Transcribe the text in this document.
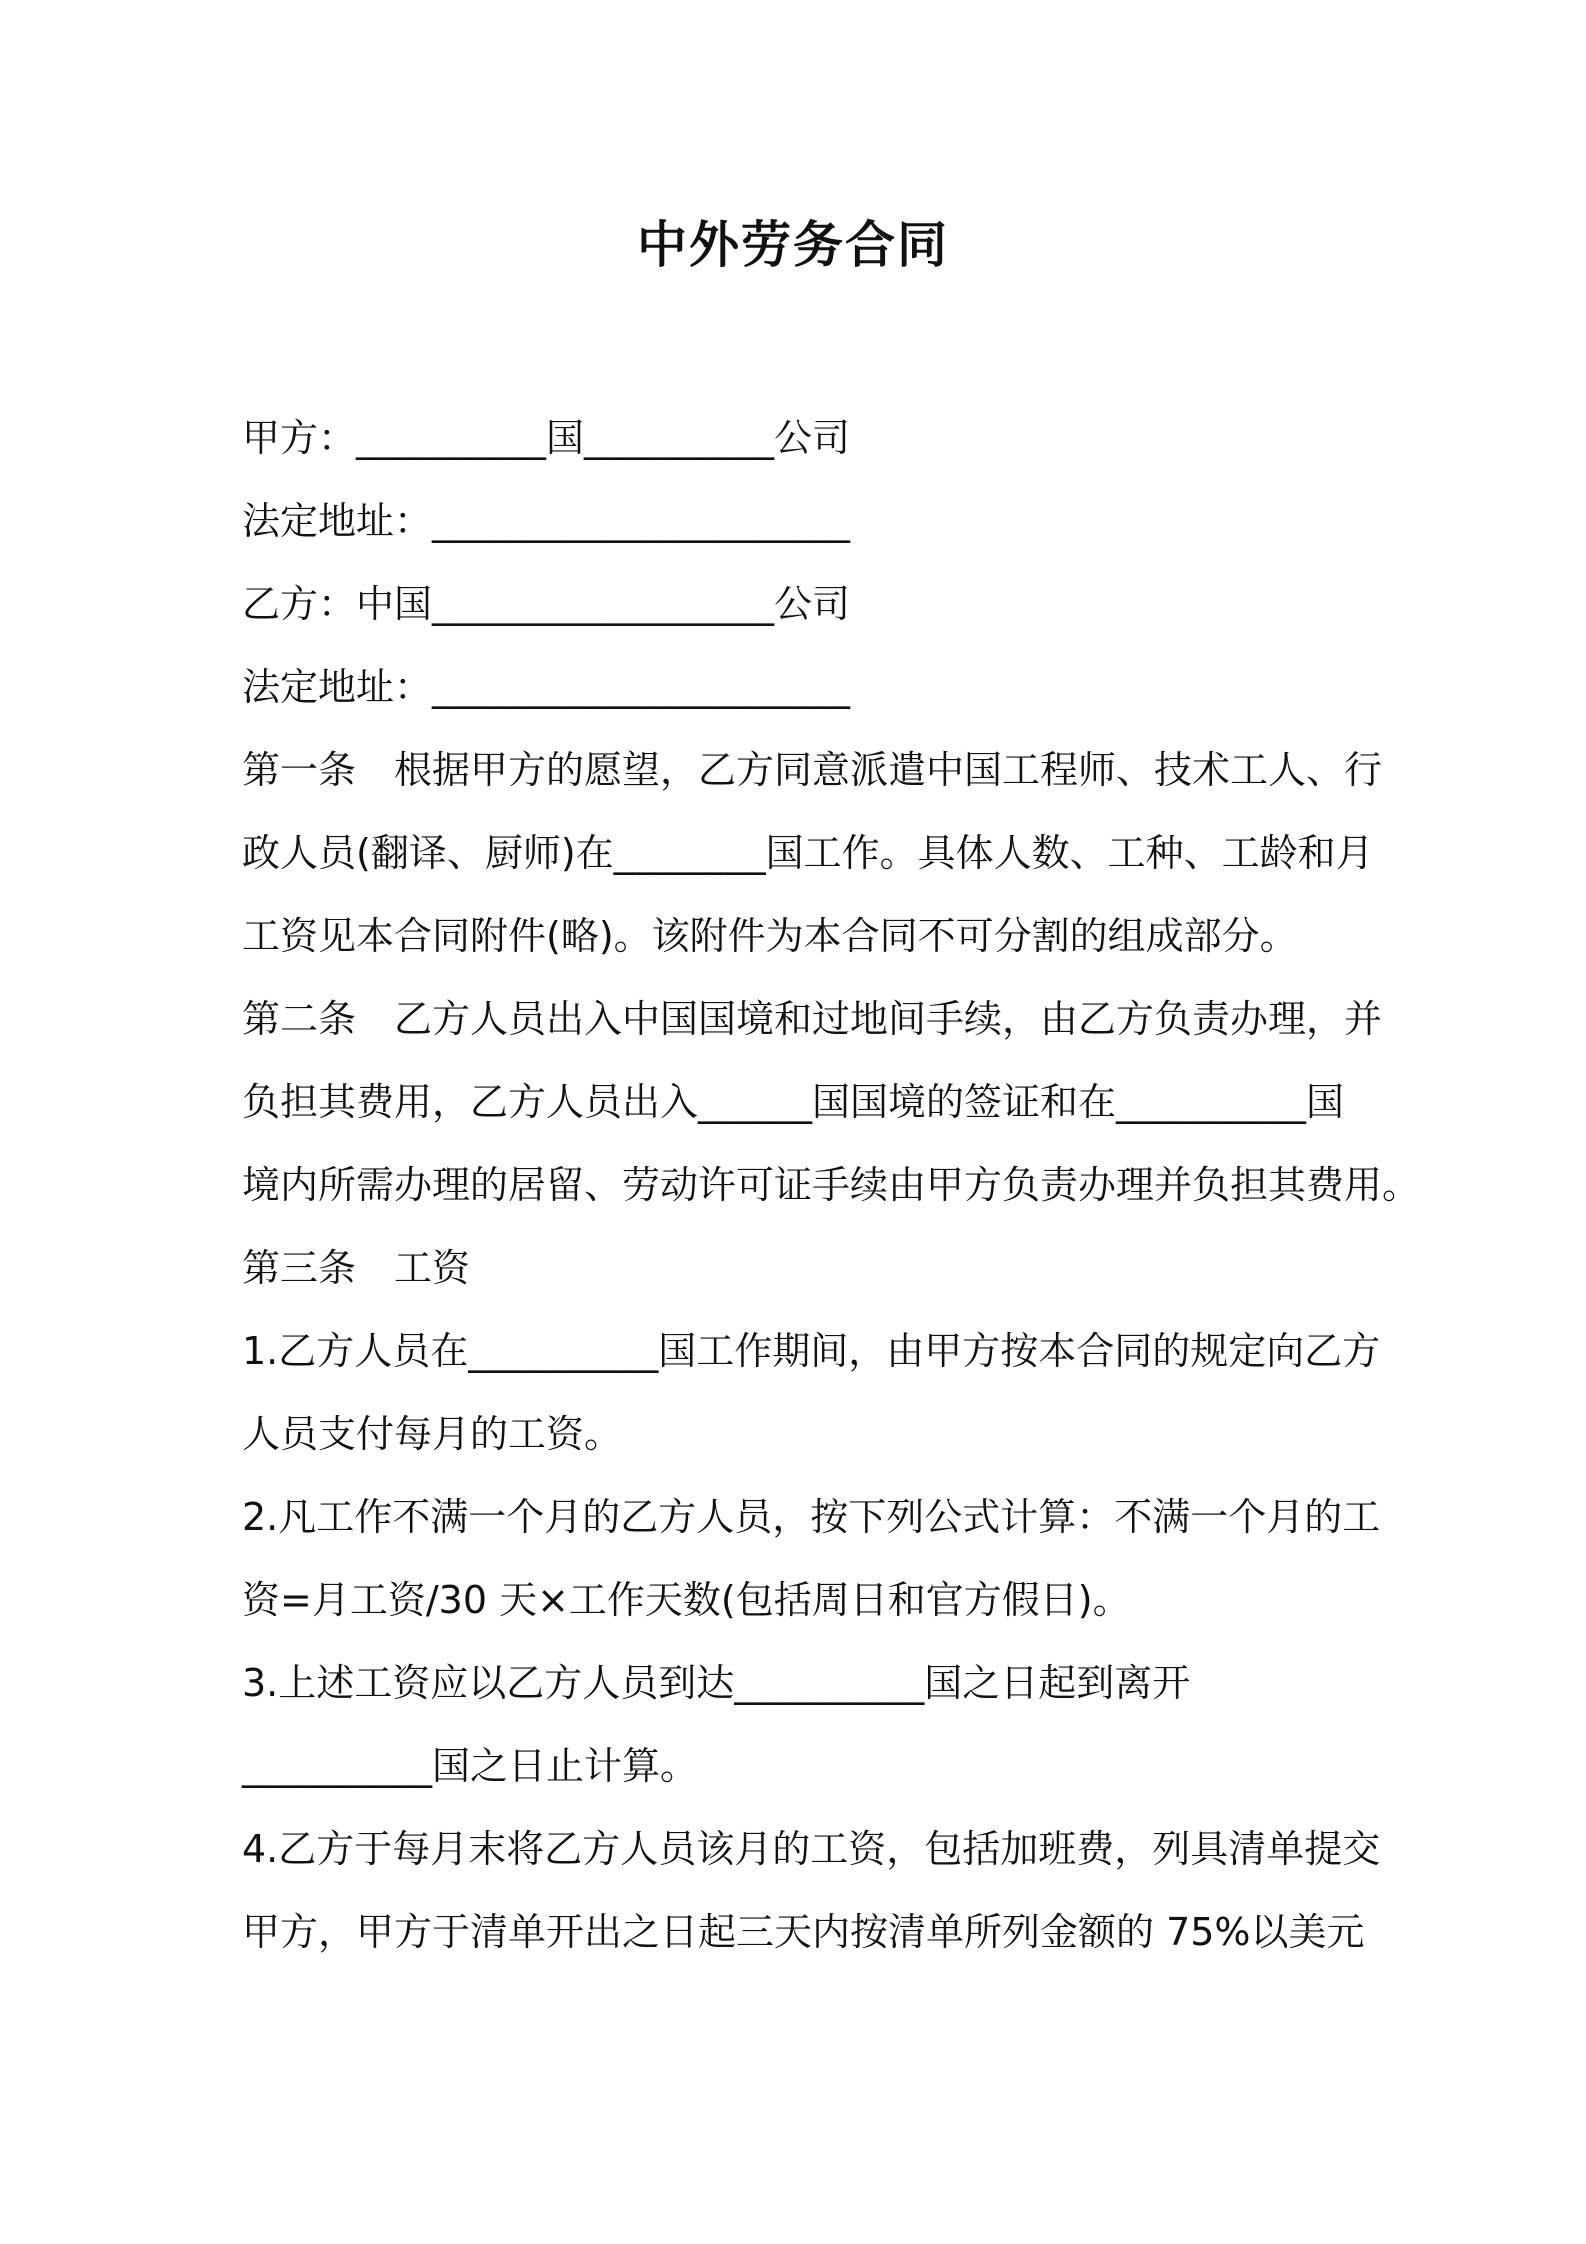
中外劳务合同
甲方：__________国__________公司
法定地址：______________________
乙方：中国__________________公司
法定地址：______________________
第一条　根据甲方的愿望，乙方同意派遣中国工程师、技术工人、行
政人员(翻译、厨师)在________国工作。具体人数、工种、工龄和月
工资见本合同附件(略)。该附件为本合同不可分割的组成部分。
第二条　乙方人员出入中国国境和过地间手续，由乙方负责办理，并
负担其费用，乙方人员出入______国国境的签证和在__________国
境内所需办理的居留、劳动许可证手续由甲方负责办理并负担其费用。
第三条　工资
1.乙方人员在__________国工作期间，由甲方按本合同的规定向乙方
人员支付每月的工资。
2.凡工作不满一个月的乙方人员，按下列公式计算：不满一个月的工
资=月工资/30 天×工作天数(包括周日和官方假日)。
3.上述工资应以乙方人员到达__________国之日起到离开
__________国之日止计算。
4.乙方于每月末将乙方人员该月的工资，包括加班费，列具清单提交
甲方，甲方于清单开出之日起三天内按清单所列金额的 75%以美元
